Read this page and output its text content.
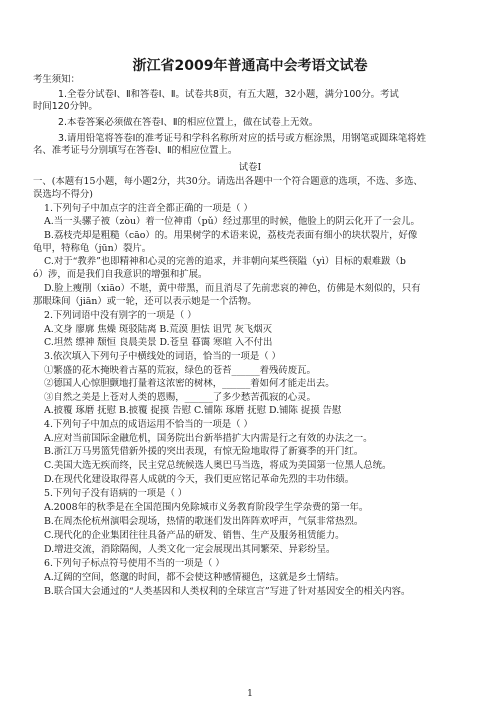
浙江省2009年普通高中会考语文试卷
考生须知：
1.全卷分试卷Ⅰ、Ⅱ和答卷Ⅰ、Ⅱ。试卷共8页，有五大题，32小题，满分100分。考试
时间120分钟。
2.本卷答案必须做在答卷Ⅰ、Ⅱ的相应位置上，做在试卷上无效。
3.请用铅笔将答卷Ⅰ的准考证号和学科名称所对应的括号或方框涂黑，用钢笔或圆珠笔将姓
名、准考证号分别填写在答卷Ⅰ、Ⅱ的相应位置上。
试卷Ⅰ
一、(本题有15小题，每小题2分，共30分。请选出各题中一个符合题意的选项，不选、多选、
误选均不得分)
1.下列句子中加点字的注音全都正确的一项是（ ）
A.当一头骡子被（zòu）着一位神甫（pǔ）经过那里的时候，他脸上的阴云化开了一会儿。
B.荔枝壳却是粗糙（cāo）的。用果树学的术语来说，荔枝壳表面有细小的块状裂片，好像
龟甲，特称龟（jūn）裂片。
C.对于“教养”也即精神和心灵的完善的追求，并非朝向某些筷隘（yì）目标的艰难跋（b
ó）涉，而是我们自我意识的增强和扩展。
D.脸上瘦削（xiāo）不堪，黄中带黑，而且消尽了先前悲哀的神色，仿佛是木刻似的，只有
那眼珠间（jiān）或一轮，还可以表示她是一个活物。
2.下列词语中没有别字的一项是（ ）
A.文身 廖廓 焦燥 斑驳陆离 B.荒漠 胆怯 诅咒 灰飞烟灭
C.坦然 缥神 颓恒 良晨美景 D.苍皇 暮霭 寒暄 入不付出
3.依次填入下列句子中横线处的词语，恰当的一项是（ ）
①繁盛的花木掩映着古墓的荒寂，绿色的苍苔______着残砖废瓦。
②德国人心惊胆颤地打量着这浓密的树林，______着如何才能走出去。
③自然之美是上苍对人类的恩赐，______了多少愁苦孤寂的心灵。
A.披覆 琢磨 抚慰 B.披覆 捉摸 告慰 C.铺陈 琢磨 抚慰 D.铺陈 捉摸 告慰
4.下列句子中加点的成语运用不恰当的一项是（ ）
A.应对当前国际金融危机，国务院出台新举措扩大内需是行之有效的办法之一。
B.浙江万马男篮凭借新外援的突出表现，有惊无险地取得了新赛季的开门红。
C.美国大选无疾而终，民主党总统候选人奥巴马当选，将成为美国第一位黑人总统。
D.在现代化建设取得喜人成就的今天，我们更应铭记革命先烈的丰功伟绩。
5.下列句子没有语病的一项是（ ）
A.2008年的秋季是在全国范围内免除城市义务教育阶段学生学杂费的第一年。
B.在周杰伦杭州演唱会现场，热情的歌迷们发出阵阵欢呼声，气氛非常热烈。
C.现代化的企业集团往往具备产品的研发、销售、生产及服务租赁能力。
D.增进交流，消除隔阂，人类文化一定会展现出其同繁荣、异彩纷呈。
6.下列句子标点符号使用不当的一项是（ ）
A.辽阔的空间，悠邈的时间，都不会使这种感情褪色，这就是乡土情结。
B.联合国大会通过的“人类基因和人类权利的全球宣言”写进了针对基因安全的相关内容。
1
